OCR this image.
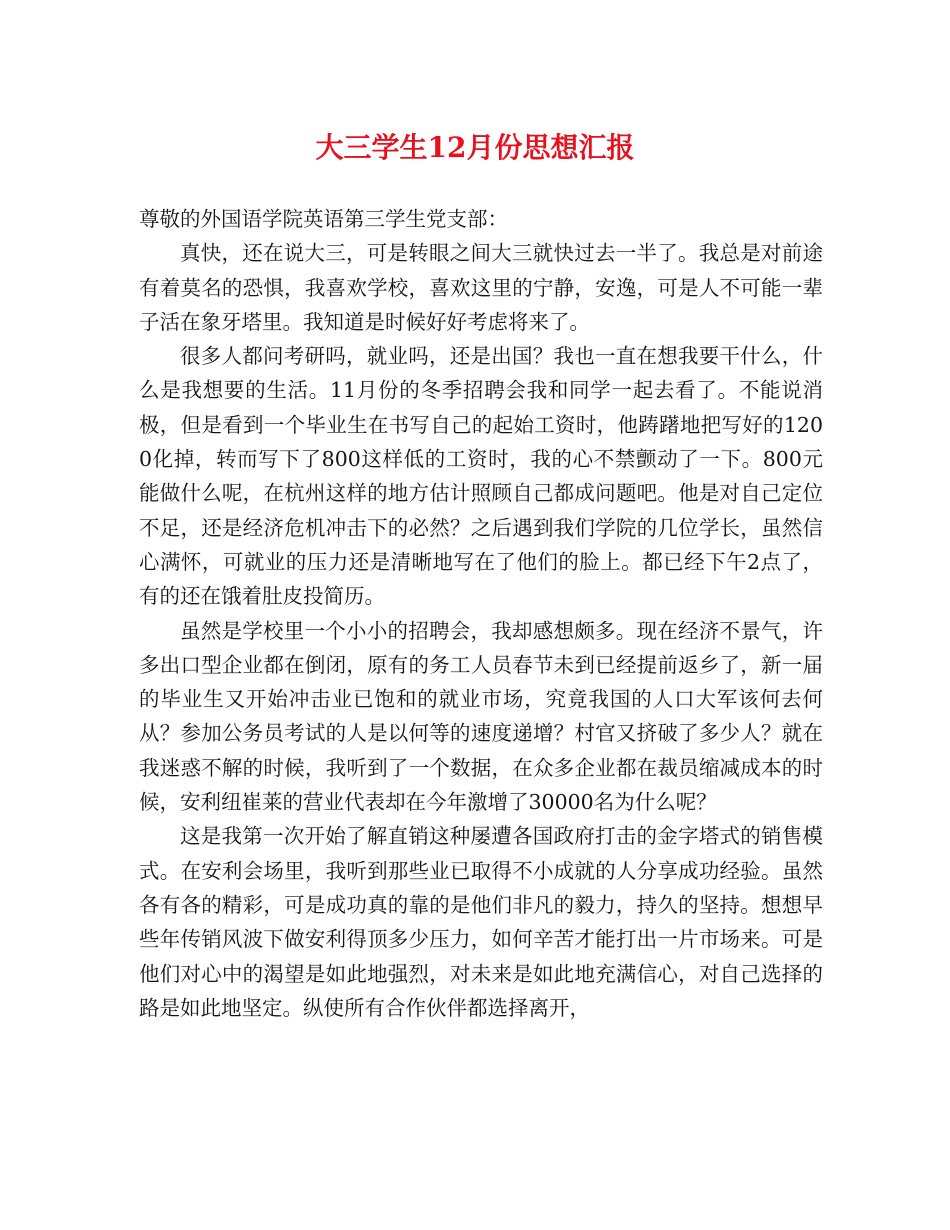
大三学生12月份思想汇报

尊敬的外国语学院英语第三学生党支部：

真快，还在说大三，可是转眼之间大三就快过去一半了。我总是对前途有着莫名的恐惧，我喜欢学校，喜欢这里的宁静，安逸，可是人不可能一辈子活在象牙塔里。我知道是时候好好考虑将来了。

很多人都问考研吗，就业吗，还是出国？我也一直在想我要干什么，什么是我想要的生活。11月份的冬季招聘会我和同学一起去看了。不能说消极，但是看到一个毕业生在书写自己的起始工资时，他踌躇地把写好的1200化掉，转而写下了800这样低的工资时，我的心不禁颤动了一下。800元能做什么呢，在杭州这样的地方估计照顾自己都成问题吧。他是对自己定位不足，还是经济危机冲击下的必然？之后遇到我们学院的几位学长，虽然信心满怀，可就业的压力还是清晰地写在了他们的脸上。都已经下午2点了，有的还在饿着肚皮投简历。

虽然是学校里一个小小的招聘会，我却感想颇多。现在经济不景气，许多出口型企业都在倒闭，原有的务工人员春节未到已经提前返乡了，新一届的毕业生又开始冲击业已饱和的就业市场，究竟我国的人口大军该何去何从？参加公务员考试的人是以何等的速度递增？村官又挤破了多少人？就在我迷惑不解的时候，我听到了一个数据，在众多企业都在裁员缩减成本的时候，安利纽崔莱的营业代表却在今年激增了30000名为什么呢？

这是我第一次开始了解直销这种屡遭各国政府打击的金字塔式的销售模式。在安利会场里，我听到那些业已取得不小成就的人分享成功经验。虽然各有各的精彩，可是成功真的靠的是他们非凡的毅力，持久的坚持。想想早些年传销风波下做安利得顶多少压力，如何辛苦才能打出一片市场来。可是他们对心中的渴望是如此地强烈，对未来是如此地充满信心，对自己选择的路是如此地坚定。纵使所有合作伙伴都选择离开，
